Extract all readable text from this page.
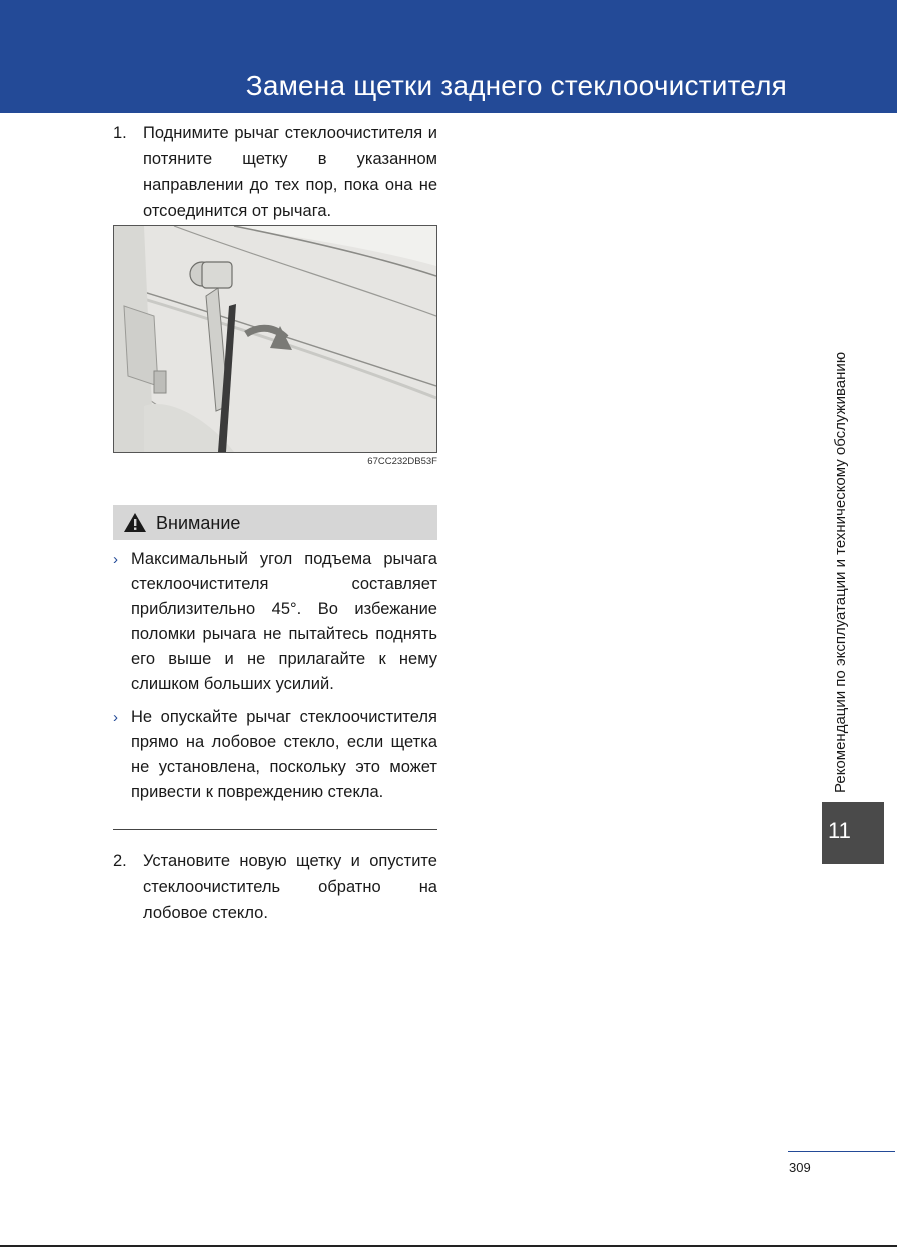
Замена щетки заднего стеклоочистителя
1. Поднимите рычаг стеклоочистителя и потяните щетку в указанном направлении до тех пор, пока она не отсоединится от рычага.
67CC232DB53F
Внимание
› Максимальный угол подъема рычага стеклоочистителя составляет приблизительно 45°. Во избежание поломки рычага не пытайтесь поднять его выше и не прилагайте к нему слишком больших усилий.
› Не опускайте рычаг стеклоочистителя прямо на лобовое стекло, если щетка не установлена, поскольку это может привести к повреждению стекла.
2. Установите новую щетку и опустите стеклоочиститель обратно на лобовое стекло.
Рекомендации по эксплуатации и техническому обслуживанию
11
309
